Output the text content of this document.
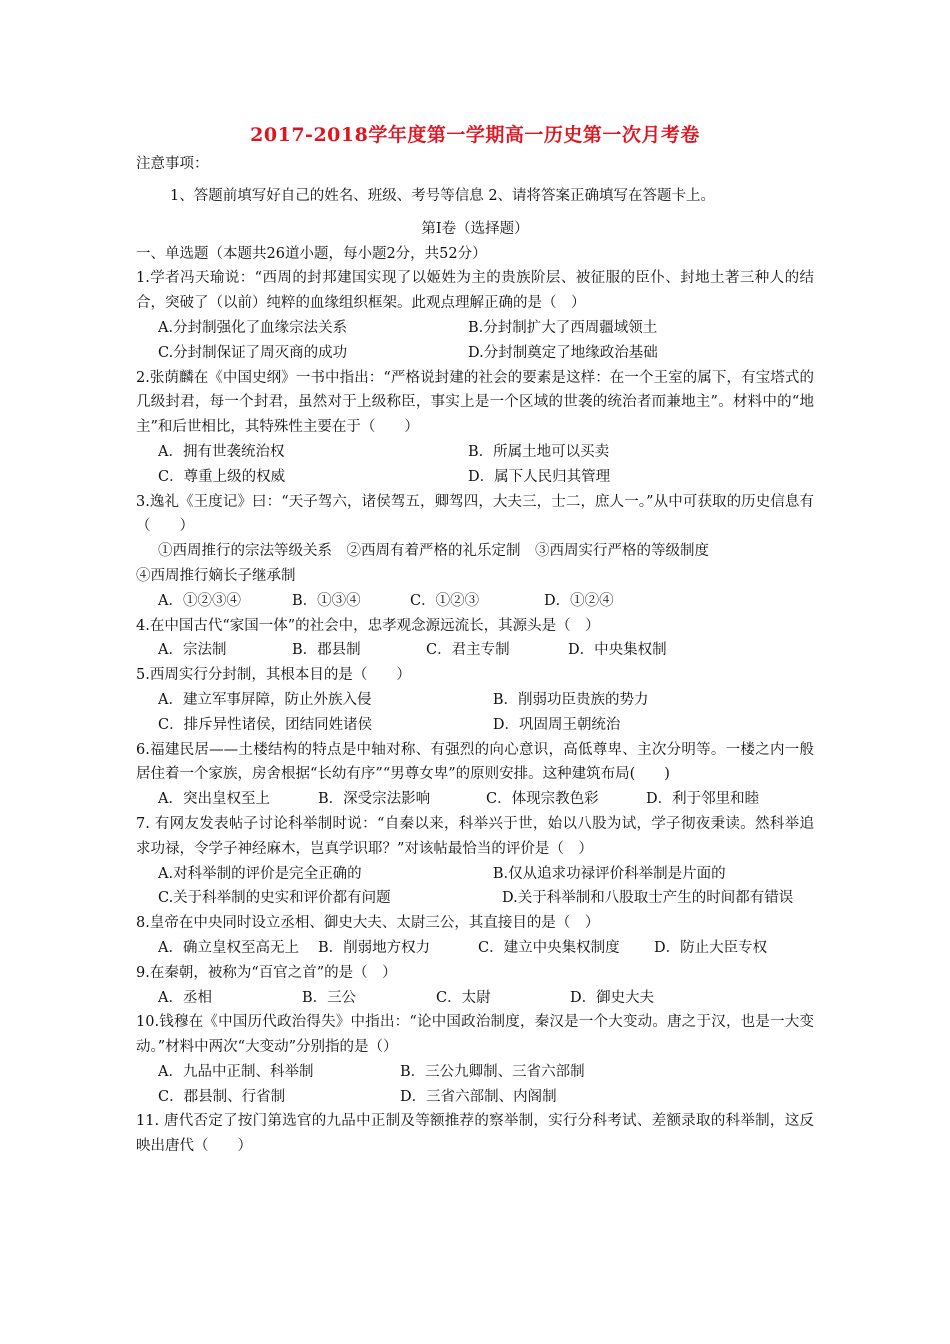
2017-2018学年度第一学期高一历史第一次月考卷
注意事项：
1、答题前填写好自己的姓名、班级、考号等信息 2、请将答案正确填写在答题卡上。
第I卷（选择题）
一、单选题（本题共26道小题，每小题2分，共52分）
1.学者冯天瑜说：“西周的封邦建国实现了以姬姓为主的贵族阶层、被征服的臣仆、封地土著三种人的结合，突破了（以前）纯粹的血缘组织框架。此观点理解正确的是（　）
A.分封制强化了血缘宗法关系	B.分封制扩大了西周疆域领土
C.分封制保证了周灭商的成功	D.分封制奠定了地缘政治基础
2.张荫麟在《中国史纲》一书中指出：“严格说封建的社会的要素是这样：在一个王室的属下，有宝塔式的几级封君，每一个封君，虽然对于上级称臣，事实上是一个区域的世袭的统治者而兼地主”。材料中的“地主”和后世相比，其特殊性主要在于（　　）
A．拥有世袭统治权	B．所属土地可以买卖
C．尊重上级的权威	D．属下人民归其管理
3.逸礼《王度记》曰：“天子驾六，诸侯驾五，卿驾四，大夫三，士二，庶人一。”从中可获取的历史信息有（　　）
①西周推行的宗法等级关系　②西周有着严格的礼乐定制　③西周实行严格的等级制度
④西周推行嫡长子继承制
A．①②③④	B．①③④	C．①②③	D．①②④
4.在中国古代“家国一体”的社会中，忠孝观念源远流长，其源头是（　）
A．宗法制	B．郡县制	C．君主专制	D．中央集权制
5.西周实行分封制，其根本目的是（　　）
A．建立军事屏障，防止外族入侵	B．削弱功臣贵族的势力
C．排斥异性诸侯，团结同姓诸侯	D．巩固周王朝统治
6.福建民居——土楼结构的特点是中轴对称、有强烈的向心意识，高低尊卑、主次分明等。一楼之内一般居住着一个家族，房舍根据“长幼有序”“男尊女卑”的原则安排。这种建筑布局(　　)
A．突出皇权至上	B．深受宗法影响	C．体现宗教色彩	D．利于邻里和睦
7. 有网友发表帖子讨论科举制时说：“自秦以来，科举兴于世，始以八股为试，学子彻夜秉读。然科举追求功禄，令学子神经麻木，岂真学识耶？”对该帖最恰当的评价是（　）
A.对科举制的评价是完全正确的	B.仅从追求功禄评价科举制是片面的
C.关于科举制的史实和评价都有问题	D.关于科举制和八股取士产生的时间都有错误
8.皇帝在中央同时设立丞相、御史大夫、太尉三公，其直接目的是（　）
A．确立皇权至高无上	B．削弱地方权力	C．建立中央集权制度	D．防止大臣专权
9.在秦朝，被称为“百官之首”的是（　）
A．丞相	B．三公	C．太尉	D．御史大夫
10.钱穆在《中国历代政治得失》中指出：“论中国政治制度，秦汉是一个大变动。唐之于汉，也是一大变动。”材料中两次“大变动”分别指的是（）
A．九品中正制、科举制	B．三公九卿制、三省六部制
C．郡县制、行省制	D．三省六部制、内阁制
11. 唐代否定了按门第选官的九品中正制及等额推荐的察举制，实行分科考试、差额录取的科举制，这反映出唐代（　　）
